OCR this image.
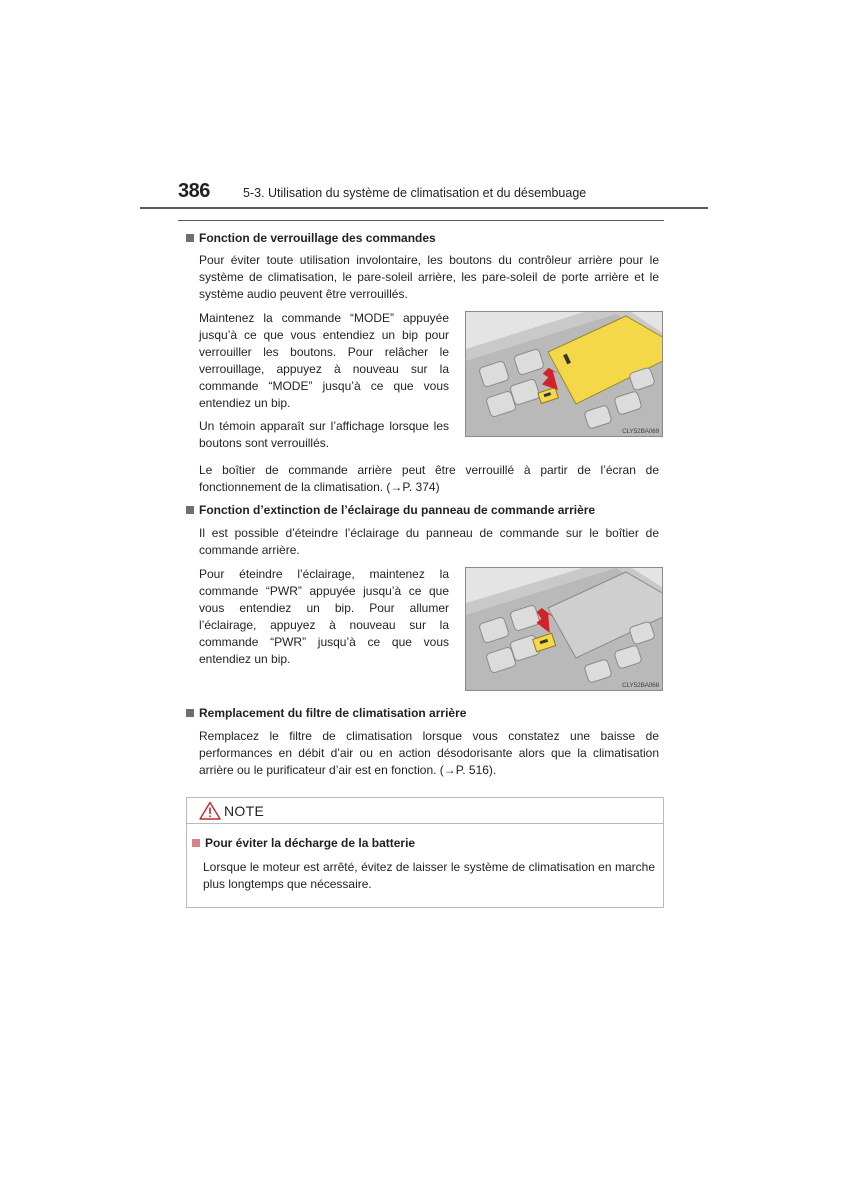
386	5-3. Utilisation du système de climatisation et du désembuage
Fonction de verrouillage des commandes
Pour éviter toute utilisation involontaire, les boutons du contrôleur arrière pour le système de climatisation, le pare-soleil arrière, les pare-soleil de porte arrière et le système audio peuvent être verrouillés.
Maintenez la commande “MODE” appuyée jusqu’à ce que vous entendiez un bip pour verrouiller les boutons. Pour relâcher le verrouillage, appuyez à nouveau sur la commande “MODE” jusqu’à ce que vous entendiez un bip.
Un témoin apparaît sur l’affichage lorsque les boutons sont verrouillés.
CLY52BA069
Le boîtier de commande arrière peut être verrouillé à partir de l’écran de fonctionnement de la climatisation. (→P. 374)
Fonction d’extinction de l’éclairage du panneau de commande arrière
Il est possible d’éteindre l’éclairage du panneau de commande sur le boîtier de commande arrière.
Pour éteindre l’éclairage, maintenez la commande “PWR” appuyée jusqu’à ce que vous entendiez un bip. Pour allumer l’éclairage, appuyez à nouveau sur la commande “PWR” jusqu’à ce que vous entendiez un bip.
CLY52BA068
Remplacement du filtre de climatisation arrière
Remplacez le filtre de climatisation lorsque vous constatez une baisse de performances en débit d’air ou en action désodorisante alors que la climatisation arrière ou le purificateur d’air est en fonction. (→P. 516).
NOTE
Pour éviter la décharge de la batterie
Lorsque le moteur est arrêté, évitez de laisser le système de climatisation en marche plus longtemps que nécessaire.
